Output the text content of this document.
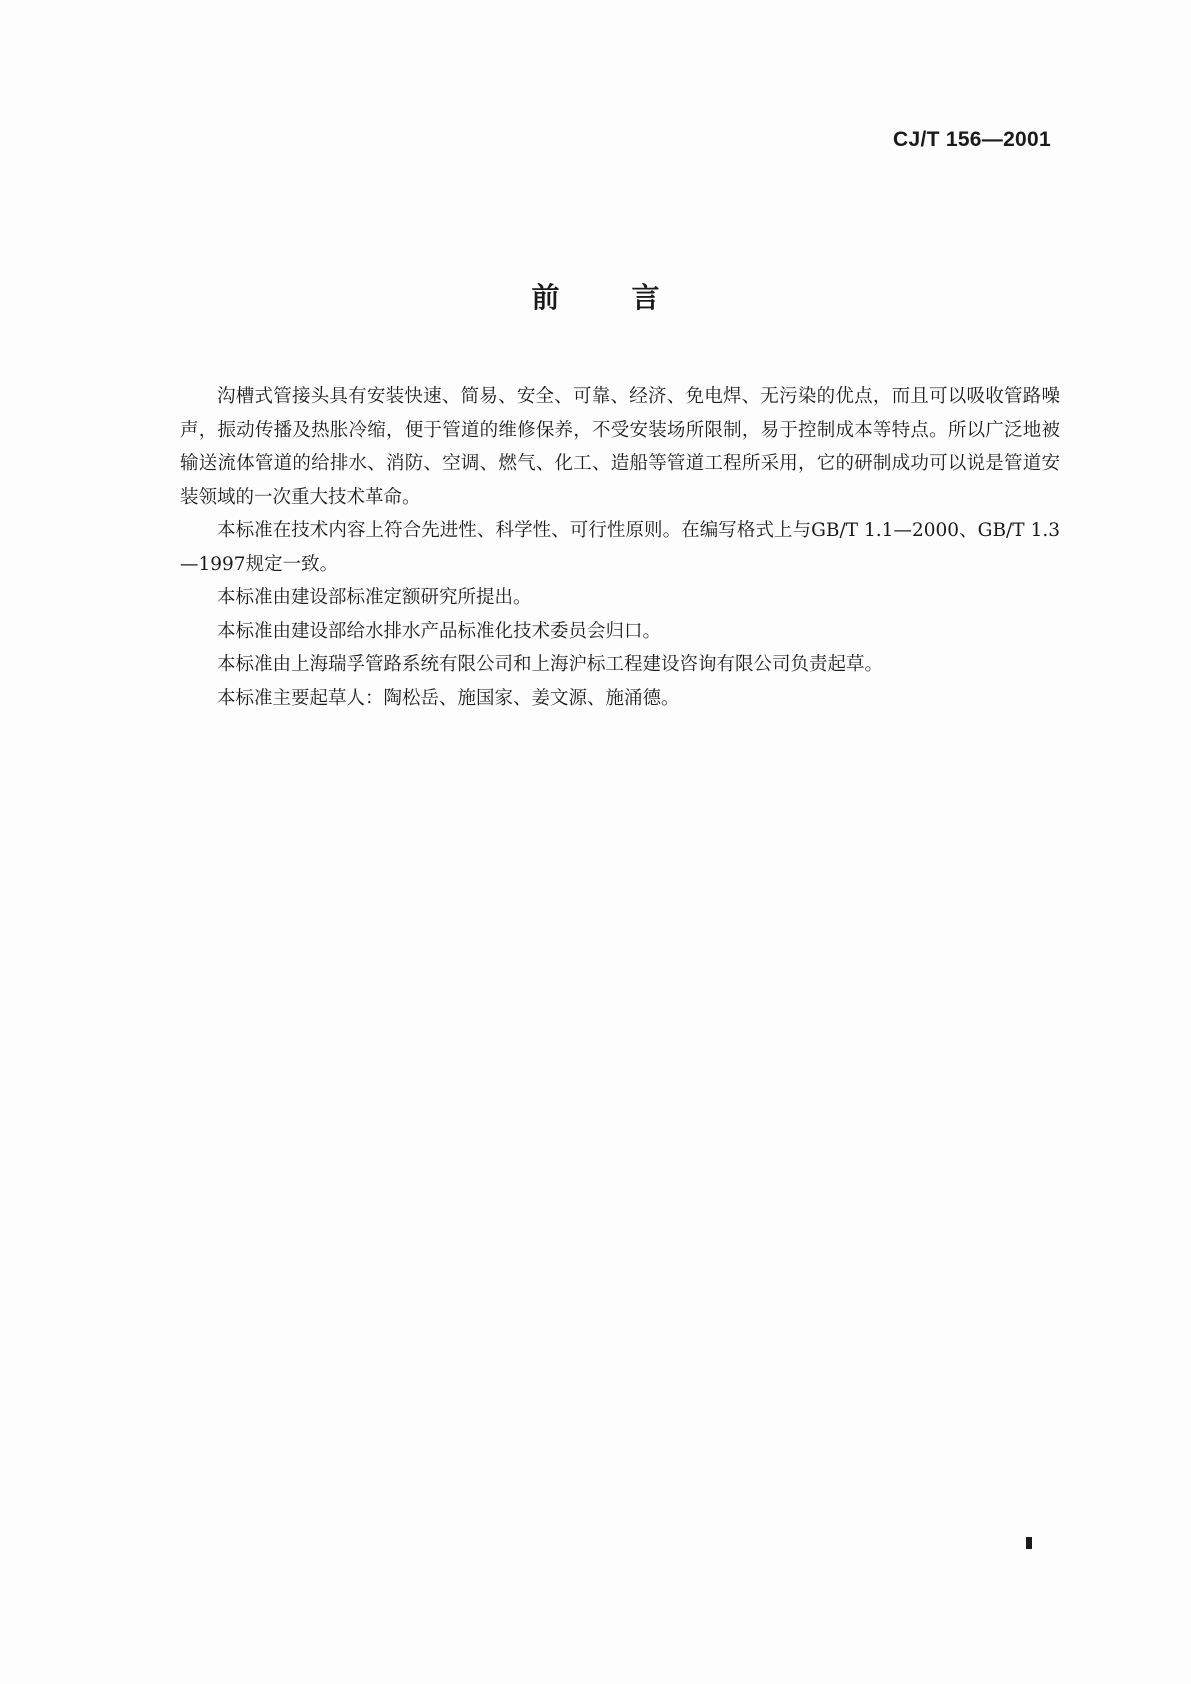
CJ/T 156—2001
前言

沟槽式管接头具有安装快速、简易、安全、可靠、经济、免电焊、无污染的优点，而且可以吸收管路噪声，振动传播及热胀冷缩，便于管道的维修保养，不受安装场所限制，易于控制成本等特点。所以广泛地被输送流体管道的给排水、消防、空调、燃气、化工、造船等管道工程所采用，它的研制成功可以说是管道安装领域的一次重大技术革命。

本标准在技术内容上符合先进性、科学性、可行性原则。在编写格式上与GB/T 1.1—2000、GB/T 1.3—1997规定一致。

本标准由建设部标准定额研究所提出。

本标准由建设部给水排水产品标准化技术委员会归口。

本标准由上海瑞孚管路系统有限公司和上海沪标工程建设咨询有限公司负责起草。

本标准主要起草人：陶松岳、施国家、姜文源、施涌德。
